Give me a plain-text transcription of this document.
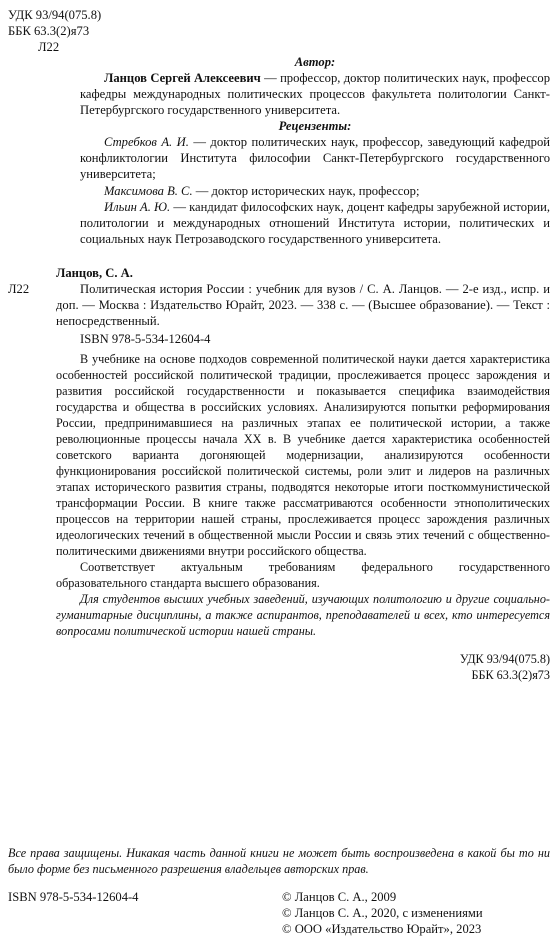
УДК 93/94(075.8)
ББК 63.3(2)я73
Л22
Автор:

Ланцов Сергей Алексеевич — профессор, доктор политических наук, профессор кафедры международных политических процессов факультета политологии Санкт-Петербургского государственного университета.

Рецензенты:

Стребков А. И. — доктор политических наук, профессор, заведующий кафедрой конфликтологии Института философии Санкт-Петербургского государственного университета;

Максимова В. С. — доктор исторических наук, профессор;

Ильин А. Ю. — кандидат философских наук, доцент кафедры зарубежной истории, политологии и международных отношений Института истории, политических и социальных наук Петрозаводского государственного университета.

Ланцов, С. А.
Л22	Политическая история России : учебник для вузов / С. А. Ланцов. — 2-е изд., испр. и доп. — Москва : Издательство Юрайт, 2023. — 338 с. — (Высшее образование). — Текст : непосредственный.

ISBN 978-5-534-12604-4

В учебнике на основе подходов современной политической науки дается характеристика особенностей российской политической традиции, прослеживается процесс зарождения и развития российской государственности и показывается специфика взаимодействия государства и общества в российских условиях. Анализируются попытки реформирования России, предпринимавшиеся на различных этапах ее политической истории, а также революционные процессы начала XX в. В учебнике дается характеристика особенностей советского варианта догоняющей модернизации, анализируются особенности функционирования российской политической системы, роли элит и лидеров на различных этапах исторического развития страны, подводятся некоторые итоги посткоммунистической трансформации России. В книге также рассматриваются особенности этнополитических процессов на территории нашей страны, прослеживается процесс зарождения различных идеологических течений в общественной мысли России и связь этих течений с общественно-политическими движениями внутри российского общества.

Соответствует актуальным требованиям федерального государственного образовательного стандарта высшего образования.

Для студентов высших учебных заведений, изучающих политологию и другие социально-гуманитарные дисциплины, а также аспирантов, преподавателей и всех, кто интересуется вопросами политической истории нашей страны.

УДК 93/94(075.8)
ББК 63.3(2)я73

Все права защищены. Никакая часть данной книги не может быть воспроизведена в какой бы то ни было форме без письменного разрешения владельцев авторских прав.

ISBN 978-5-534-12604-4	© Ланцов С. А., 2009
© Ланцов С. А., 2020, с изменениями
© ООО «Издательство Юрайт», 2023
